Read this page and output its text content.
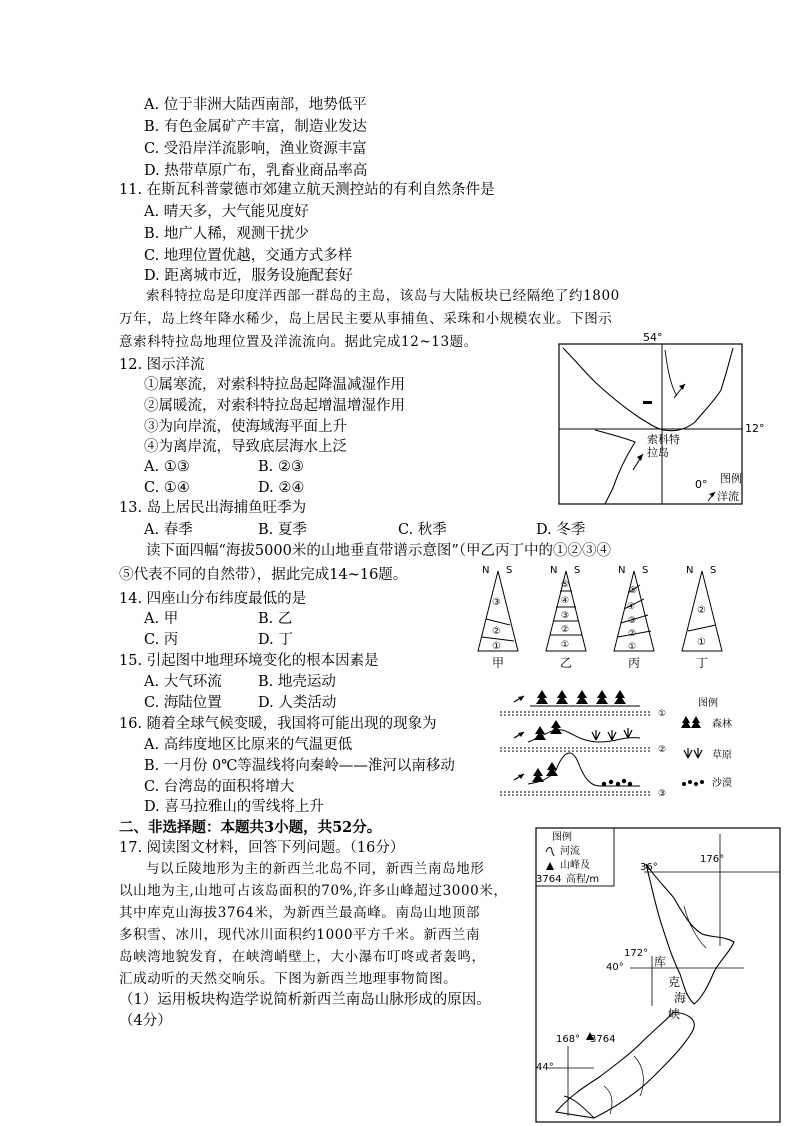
A. 位于非洲大陆西南部，地势低平
B. 有色金属矿产丰富，制造业发达
C. 受沿岸洋流影响，渔业资源丰富
D. 热带草原广布，乳畜业商品率高
11. 在斯瓦科普蒙德市郊建立航天测控站的有利自然条件是
A. 晴天多，大气能见度好
B. 地广人稀，观测干扰少
C. 地理位置优越，交通方式多样
D. 距离城市近，服务设施配套好
索科特拉岛是印度洋西部一群岛的主岛，该岛与大陆板块已经隔绝了约1800
万年，岛上终年降水稀少，岛上居民主要从事捕鱼、采珠和小规模农业。下图示
意索科特拉岛地理位置及洋流流向。据此完成12~13题。
12. 图示洋流
①属寒流，对索科特拉岛起降温减湿作用
②属暖流，对索科特拉岛起增温增湿作用
③为向岸流，使海域海平面上升
④为离岸流，导致底层海水上泛
A. ①③	B. ②③
C. ①④	D. ②④
13. 岛上居民出海捕鱼旺季为
A. 春季	B. 夏季	C. 秋季	D. 冬季
读下面四幅“海拔5000米的山地垂直带谱示意图”（甲乙丙丁中的①②③④
⑤代表不同的自然带），据此完成14~16题。
14. 四座山分布纬度最低的是
A. 甲	B. 乙
C. 丙	D. 丁
15. 引起图中地理环境变化的根本因素是
A. 大气环流	B. 地壳运动
C. 海陆位置 D. 人类活动
16. 随着全球气候变暖，我国将可能出现的现象为
A. 高纬度地区比原来的气温更低
B. 一月份 0℃等温线将向秦岭——淮河以南移动
C. 台湾岛的面积将增大
D. 喜马拉雅山的雪线将上升
二、非选择题：本题共3小题，共52分。
17. 阅读图文材料，回答下列问题。（16分）
与以丘陵地形为主的新西兰北岛不同，新西兰南岛地形
以山地为主,山地可占该岛面积的70%,许多山峰超过3000米，
其中库克山海拔3764米，为新西兰最高峰。南岛山地顶部
多积雪、冰川，现代冰川面积约1000平方千米。新西兰南
岛峡湾地貌发育，在峡湾峭壁上，大小瀑布叮咚或者轰鸣，
汇成动听的天然交响乐。下图为新西兰地理事物简图。
（1）运用板块构造学说简析新西兰南岛山脉形成的原因。
（4分）
54°
12°
0°
索科特
拉岛
图例
洋流
③
②
①
N S
甲
⑤
④
③
②
①
N S
乙
⑤
④
③
②
①
N S
丙
②
①
N S
丁
①
②
③
图例
森林
草原
沙漠
图例
河流
山峰及
3764 高程/m
36°
176°
172°
40°	库
克
海
峡
168° 3764
44°
